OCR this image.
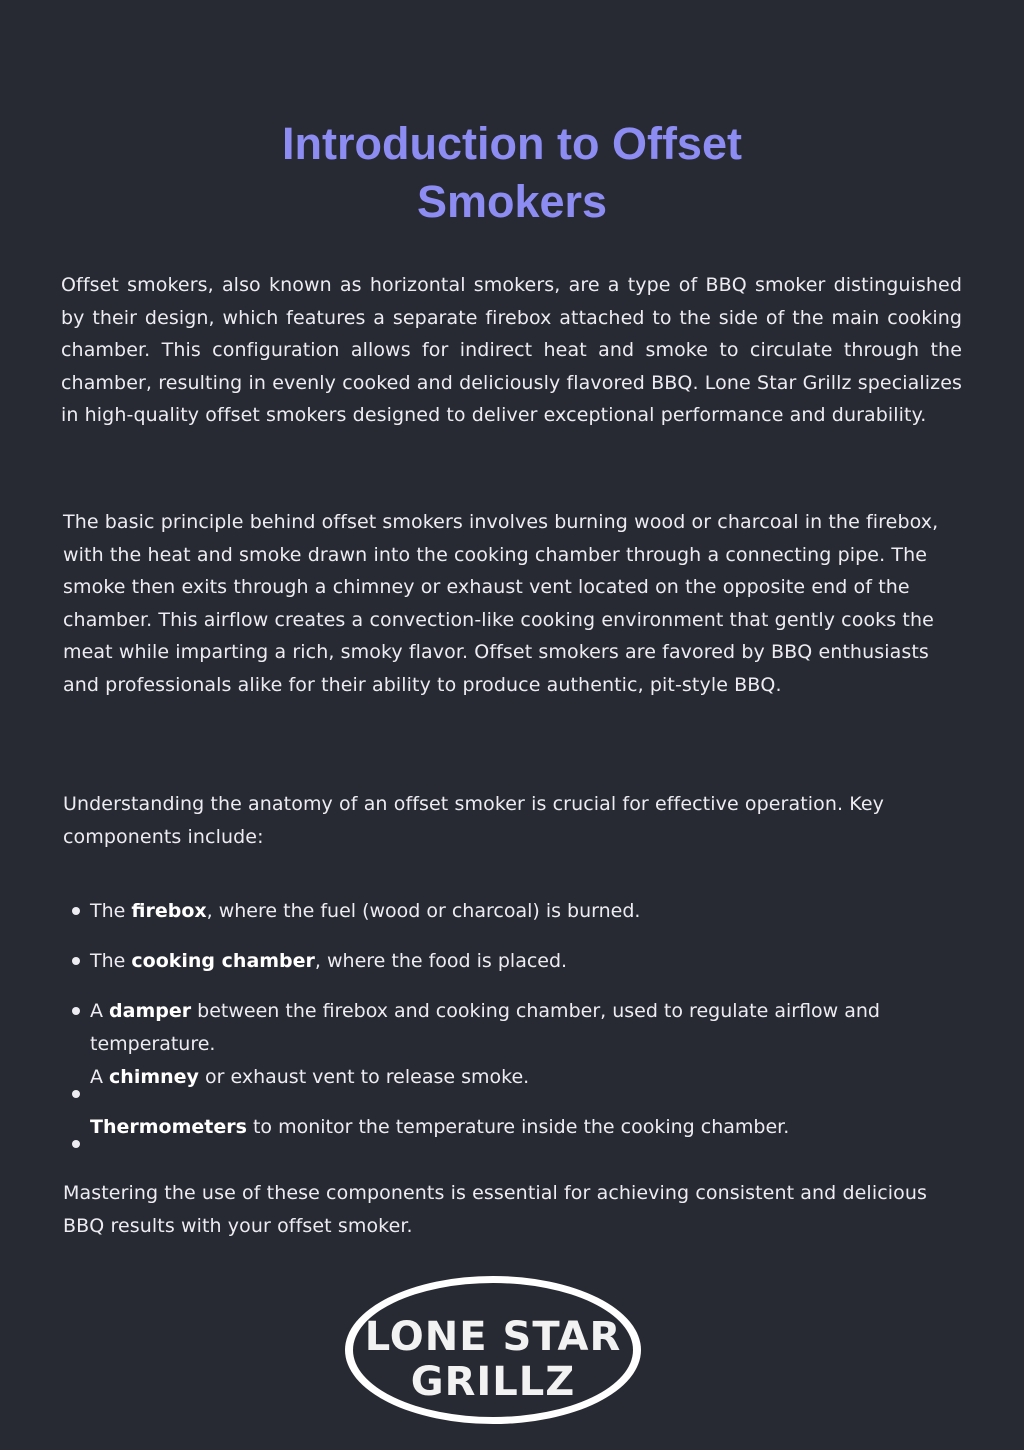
Introduction to Offset
Smokers

Offset smokers, also known as horizontal smokers, are a type of BBQ smoker distinguished by their design, which features a separate firebox attached to the side of the main cooking chamber. This configuration allows for indirect heat and smoke to circulate through the chamber, resulting in evenly cooked and deliciously flavored BBQ. Lone Star Grillz specializes in high-quality offset smokers designed to deliver exceptional performance and durability.

The basic principle behind offset smokers involves burning wood or charcoal in the firebox, with the heat and smoke drawn into the cooking chamber through a connecting pipe. The smoke then exits through a chimney or exhaust vent located on the opposite end of the chamber. This airflow creates a convection-like cooking environment that gently cooks the meat while imparting a rich, smoky flavor. Offset smokers are favored by BBQ enthusiasts and professionals alike for their ability to produce authentic, pit-style BBQ.

Understanding the anatomy of an offset smoker is crucial for effective operation. Key components include:

The firebox, where the fuel (wood or charcoal) is burned.
The cooking chamber, where the food is placed.
A damper between the firebox and cooking chamber, used to regulate airflow and temperature.
A chimney or exhaust vent to release smoke.
Thermometers to monitor the temperature inside the cooking chamber.

Mastering the use of these components is essential for achieving consistent and delicious BBQ results with your offset smoker.

LONE STAR
GRILLZ
